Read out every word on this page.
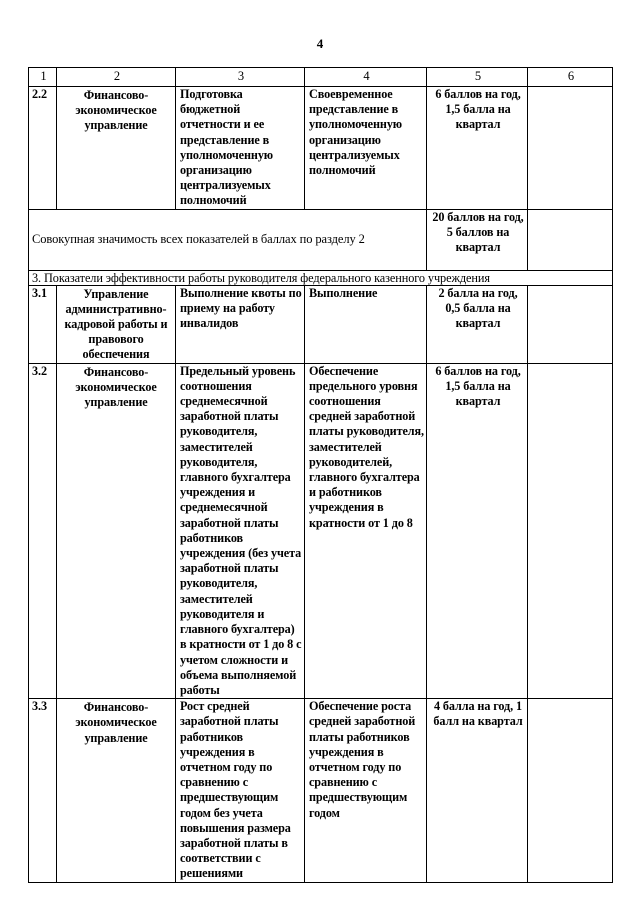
4
1	2	3	4	5	6
2.2	Финансово-экономическое управление	Подготовка бюджетной отчетности и ее представление в уполномоченную организацию централизуемых полномочий	Своевременное представление в уполномоченную организацию централизуемых полномочий	6 баллов на год, 1,5 балла на квартал	
Совокупная значимость всех показателей в баллах по разделу 2				20 баллов на год, 5 баллов на квартал	
3. Показатели эффективности работы руководителя федерального казенного учреждения					
3.1	Управление административно-кадровой работы и правового обеспечения	Выполнение квоты по приему на работу инвалидов	Выполнение	2 балла на год, 0,5 балла на квартал	
3.2	Финансово-экономическое управление	Предельный уровень соотношения среднемесячной заработной платы руководителя, заместителей руководителя, главного бухгалтера учреждения и среднемесячной заработной платы работников учреждения (без учета заработной платы руководителя, заместителей руководителя и главного бухгалтера) в кратности от 1 до 8 с учетом сложности и объема выполняемой работы	Обеспечение предельного уровня соотношения средней заработной платы руководителя, заместителей руководителей, главного бухгалтера и работников учреждения в кратности от 1 до 8	6 баллов на год, 1,5 балла на квартал	
3.3	Финансово-экономическое управление	Рост средней заработной платы работников учреждения в отчетном году по сравнению с предшествующим годом без учета повышения размера заработной платы в соответствии с решениями	Обеспечение роста средней заработной платы работников учреждения в отчетном году по сравнению с предшествующим годом	4 балла на год, 1 балл на квартал	
